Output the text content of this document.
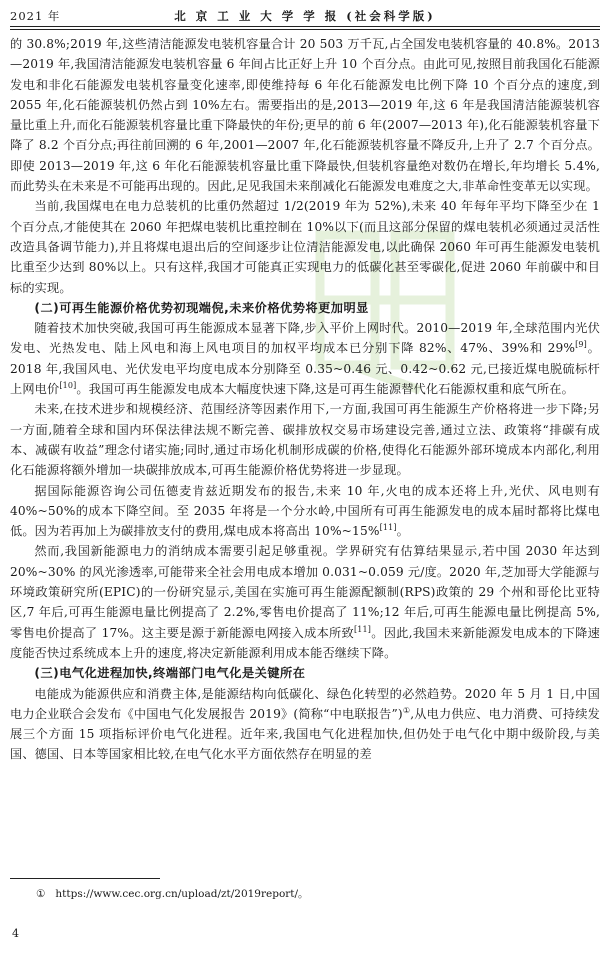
2021 年	北 京 工 业 大 学 学 报 (社会科学版)

的 30.8%;2019 年,这些清洁能源发电装机容量合计 20 503 万千瓦,占全国发电装机容量的 40.8%。2013—2019 年,我国清洁能源发电装机容量 6 年间占比正好上升 10 个百分点。由此可见,按照目前我国化石能源发电和非化石能源发电装机容量变化速率,即使维持每 6 年化石能源发电比例下降 10 个百分点的速度,到 2055 年,化石能源装机仍然占到 10%左右。需要指出的是,2013—2019 年,这 6 年是我国清洁能源装机容量比重上升,而化石能源装机容量比重下降最快的年份;更早的前 6 年(2007—2013 年),化石能源装机容量下降了 8.2 个百分点;再往前回溯的 6 年,2001—2007 年,化石能源装机容量不降反升,上升了 2.7 个百分点。即使 2013—2019 年,这 6 年化石能源装机容量比重下降最快,但装机容量绝对数仍在增长,年均增长 5.4%,而此势头在未来是不可能再出现的。因此,足见我国未来削减化石能源发电难度之大,非革命性变革无以实现。

当前,我国煤电在电力总装机的比重仍然超过 1/2(2019 年为 52%),未来 40 年每年平均下降至少在 1 个百分点,才能使其在 2060 年把煤电装机比重控制在 10%以下(而且这部分保留的煤电装机必须通过灵活性改造具备调节能力),并且将煤电退出后的空间逐步让位清洁能源发电,以此确保 2060 年可再生能源发电装机比重至少达到 80%以上。只有这样,我国才可能真正实现电力的低碳化甚至零碳化,促进 2060 年前碳中和目标的实现。

(二)可再生能源价格优势初现端倪,未来价格优势将更加明显

随着技术加快突破,我国可再生能源成本显著下降,步入平价上网时代。2010—2019 年,全球范围内光伏发电、光热发电、陆上风电和海上风电项目的加权平均成本已分别下降 82%、47%、39%和 29%[9]。2018 年,我国风电、光伏发电平均度电成本分别降至 0.35~0.46 元、0.42~0.62 元,已接近煤电脱硫标杆上网电价[10]。我国可再生能源发电成本大幅度快速下降,这是可再生能源替代化石能源权重和底气所在。

未来,在技术进步和规模经济、范围经济等因素作用下,一方面,我国可再生能源生产价格将进一步下降;另一方面,随着全球和国内环保法律法规不断完善、碳排放权交易市场建设完善,通过立法、政策将“排碳有成本、减碳有收益”理念付诸实施;同时,通过市场化机制形成碳的价格,使得化石能源外部环境成本内部化,利用化石能源将额外增加一块碳排放成本,可再生能源价格优势将进一步显现。

据国际能源咨询公司伍德麦肯兹近期发布的报告,未来 10 年,火电的成本还将上升,光伏、风电则有 40%~50%的成本下降空间。至 2035 年将是一个分水岭,中国所有可再生能源发电的成本届时都将比煤电低。因为若再加上为碳排放支付的费用,煤电成本将高出 10%~15%[11]。

然而,我国新能源电力的消纳成本需要引起足够重视。学界研究有估算结果显示,若中国 2030 年达到 20%~30% 的风光渗透率,可能带来全社会用电成本增加 0.031~0.059 元/度。2020 年,芝加哥大学能源与环境政策研究所(EPIC)的一份研究显示,美国在实施可再生能源配额制(RPS)政策的 29 个州和哥伦比亚特区,7 年后,可再生能源电量比例提高了 2.2%,零售电价提高了 11%;12 年后,可再生能源电量比例提高 5%,零售电价提高了 17%。这主要是源于新能源电网接入成本所致[11]。因此,我国未来新能源发电成本的下降速度能否快过系统成本上升的速度,将决定新能源利用成本能否继续下降。

(三)电气化进程加快,终端部门电气化是关键所在

电能成为能源供应和消费主体,是能源结构向低碳化、绿色化转型的必然趋势。2020 年 5 月 1 日,中国电力企业联合会发布《中国电气化发展报告 2019》(简称“中电联报告”)①,从电力供应、电力消费、可持续发展三个方面 15 项指标评价电气化进程。近年来,我国电气化进程加快,但仍处于电气化中期中级阶段,与美国、德国、日本等国家相比较,在电气化水平方面依然存在明显的差

① https://www.cec.org.cn/upload/zt/2019report/。
4
